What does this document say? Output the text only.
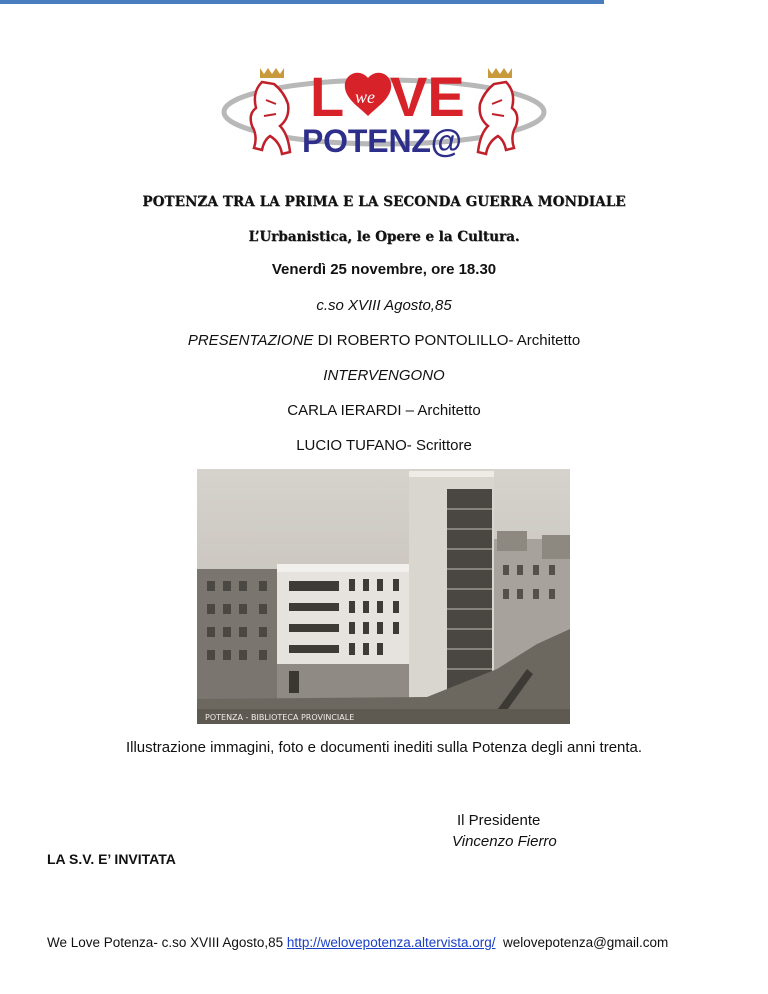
L we VE
POTENZ@
POTENZA TRA LA PRIMA E LA SECONDA GUERRA MONDIALE
L’Urbanistica, le Opere e la Cultura.
Venerdì 25 novembre, ore 18.30
c.so XVIII Agosto,85
PRESENTAZIONE DI ROBERTO PONTOLILLO- Architetto
INTERVENGONO
CARLA IERARDI – Architetto
LUCIO TUFANO- Scrittore
POTENZA - BIBLIOTECA PROVINCIALE
Illustrazione immagini, foto e documenti inediti sulla Potenza degli anni trenta.
Il Presidente
Vincenzo Fierro
LA S.V. E’ INVITATA
We Love Potenza- c.so XVIII Agosto,85 http://welovepotenza.altervista.org/  welovepotenza@gmail.com
